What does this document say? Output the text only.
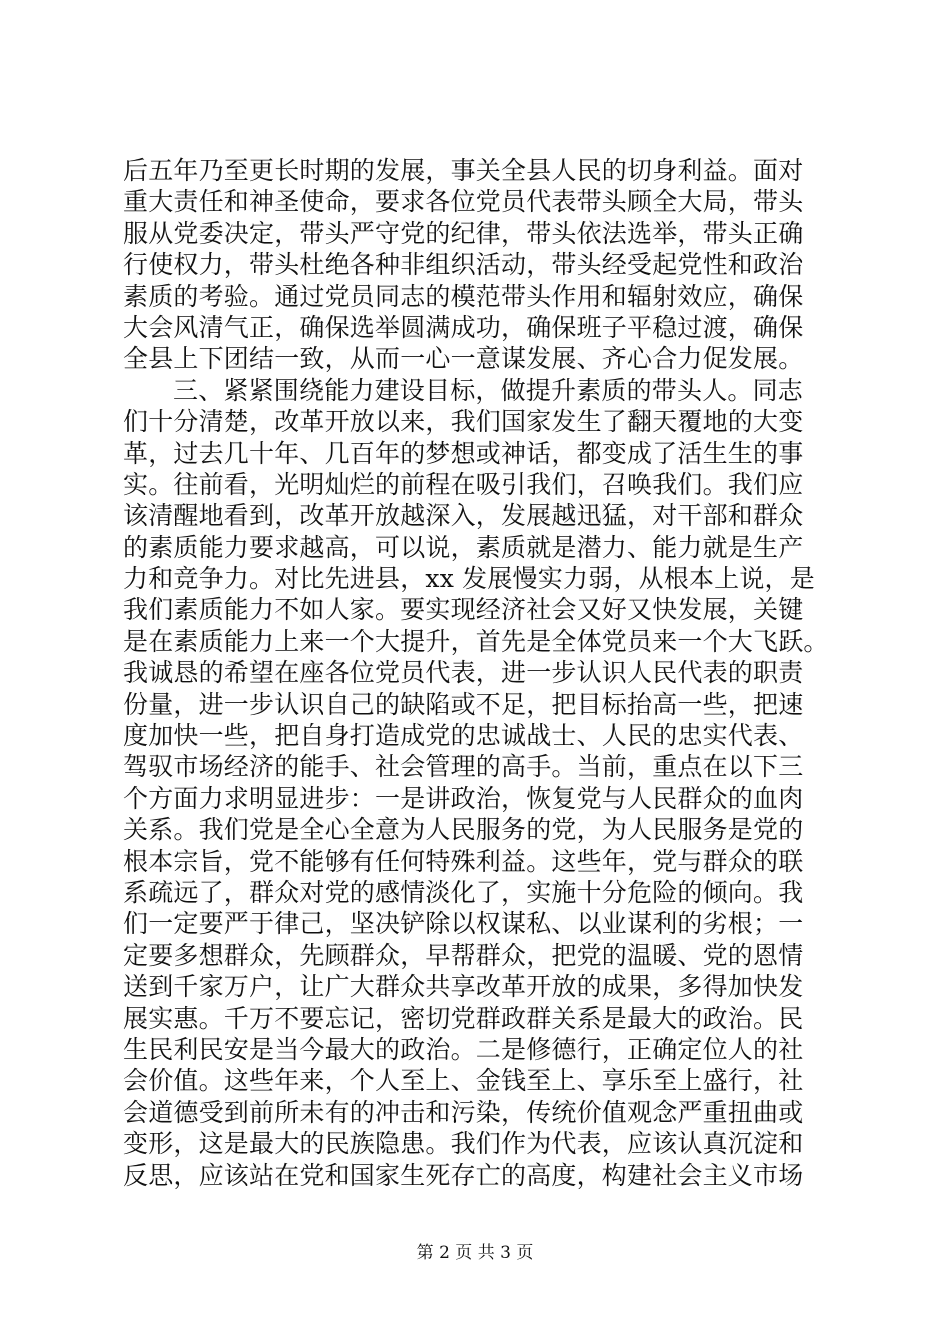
后五年乃至更长时期的发展，事关全县人民的切身利益。面对
重大责任和神圣使命，要求各位党员代表带头顾全大局，带头
服从党委决定，带头严守党的纪律，带头依法选举，带头正确
行使权力，带头杜绝各种非组织活动，带头经受起党性和政治
素质的考验。通过党员同志的模范带头作用和辐射效应，确保
大会风清气正，确保选举圆满成功，确保班子平稳过渡，确保
全县上下团结一致，从而一心一意谋发展、齐心合力促发展。
三、紧紧围绕能力建设目标，做提升素质的带头人。同志
们十分清楚，改革开放以来，我们国家发生了翻天覆地的大变
革，过去几十年、几百年的梦想或神话，都变成了活生生的事
实。往前看，光明灿烂的前程在吸引我们，召唤我们。我们应
该清醒地看到，改革开放越深入，发展越迅猛，对干部和群众
的素质能力要求越高，可以说，素质就是潜力、能力就是生产
力和竞争力。对比先进县，xx 发展慢实力弱，从根本上说，是
我们素质能力不如人家。要实现经济社会又好又快发展，关键
是在素质能力上来一个大提升，首先是全体党员来一个大飞跃。
我诚恳的希望在座各位党员代表，进一步认识人民代表的职责
份量，进一步认识自己的缺陷或不足，把目标抬高一些，把速
度加快一些，把自身打造成党的忠诚战士、人民的忠实代表、
驾驭市场经济的能手、社会管理的高手。当前，重点在以下三
个方面力求明显进步：一是讲政治，恢复党与人民群众的血肉
关系。我们党是全心全意为人民服务的党，为人民服务是党的
根本宗旨，党不能够有任何特殊利益。这些年，党与群众的联
系疏远了，群众对党的感情淡化了，实施十分危险的倾向。我
们一定要严于律己，坚决铲除以权谋私、以业谋利的劣根；一
定要多想群众，先顾群众，早帮群众，把党的温暖、党的恩情
送到千家万户，让广大群众共享改革开放的成果，多得加快发
展实惠。千万不要忘记，密切党群政群关系是最大的政治。民
生民利民安是当今最大的政治。二是修德行，正确定位人的社
会价值。这些年来，个人至上、金钱至上、享乐至上盛行，社
会道德受到前所未有的冲击和污染，传统价值观念严重扭曲或
变形，这是最大的民族隐患。我们作为代表，应该认真沉淀和
反思，应该站在党和国家生死存亡的高度，构建社会主义市场
第 2 页 共 3 页
